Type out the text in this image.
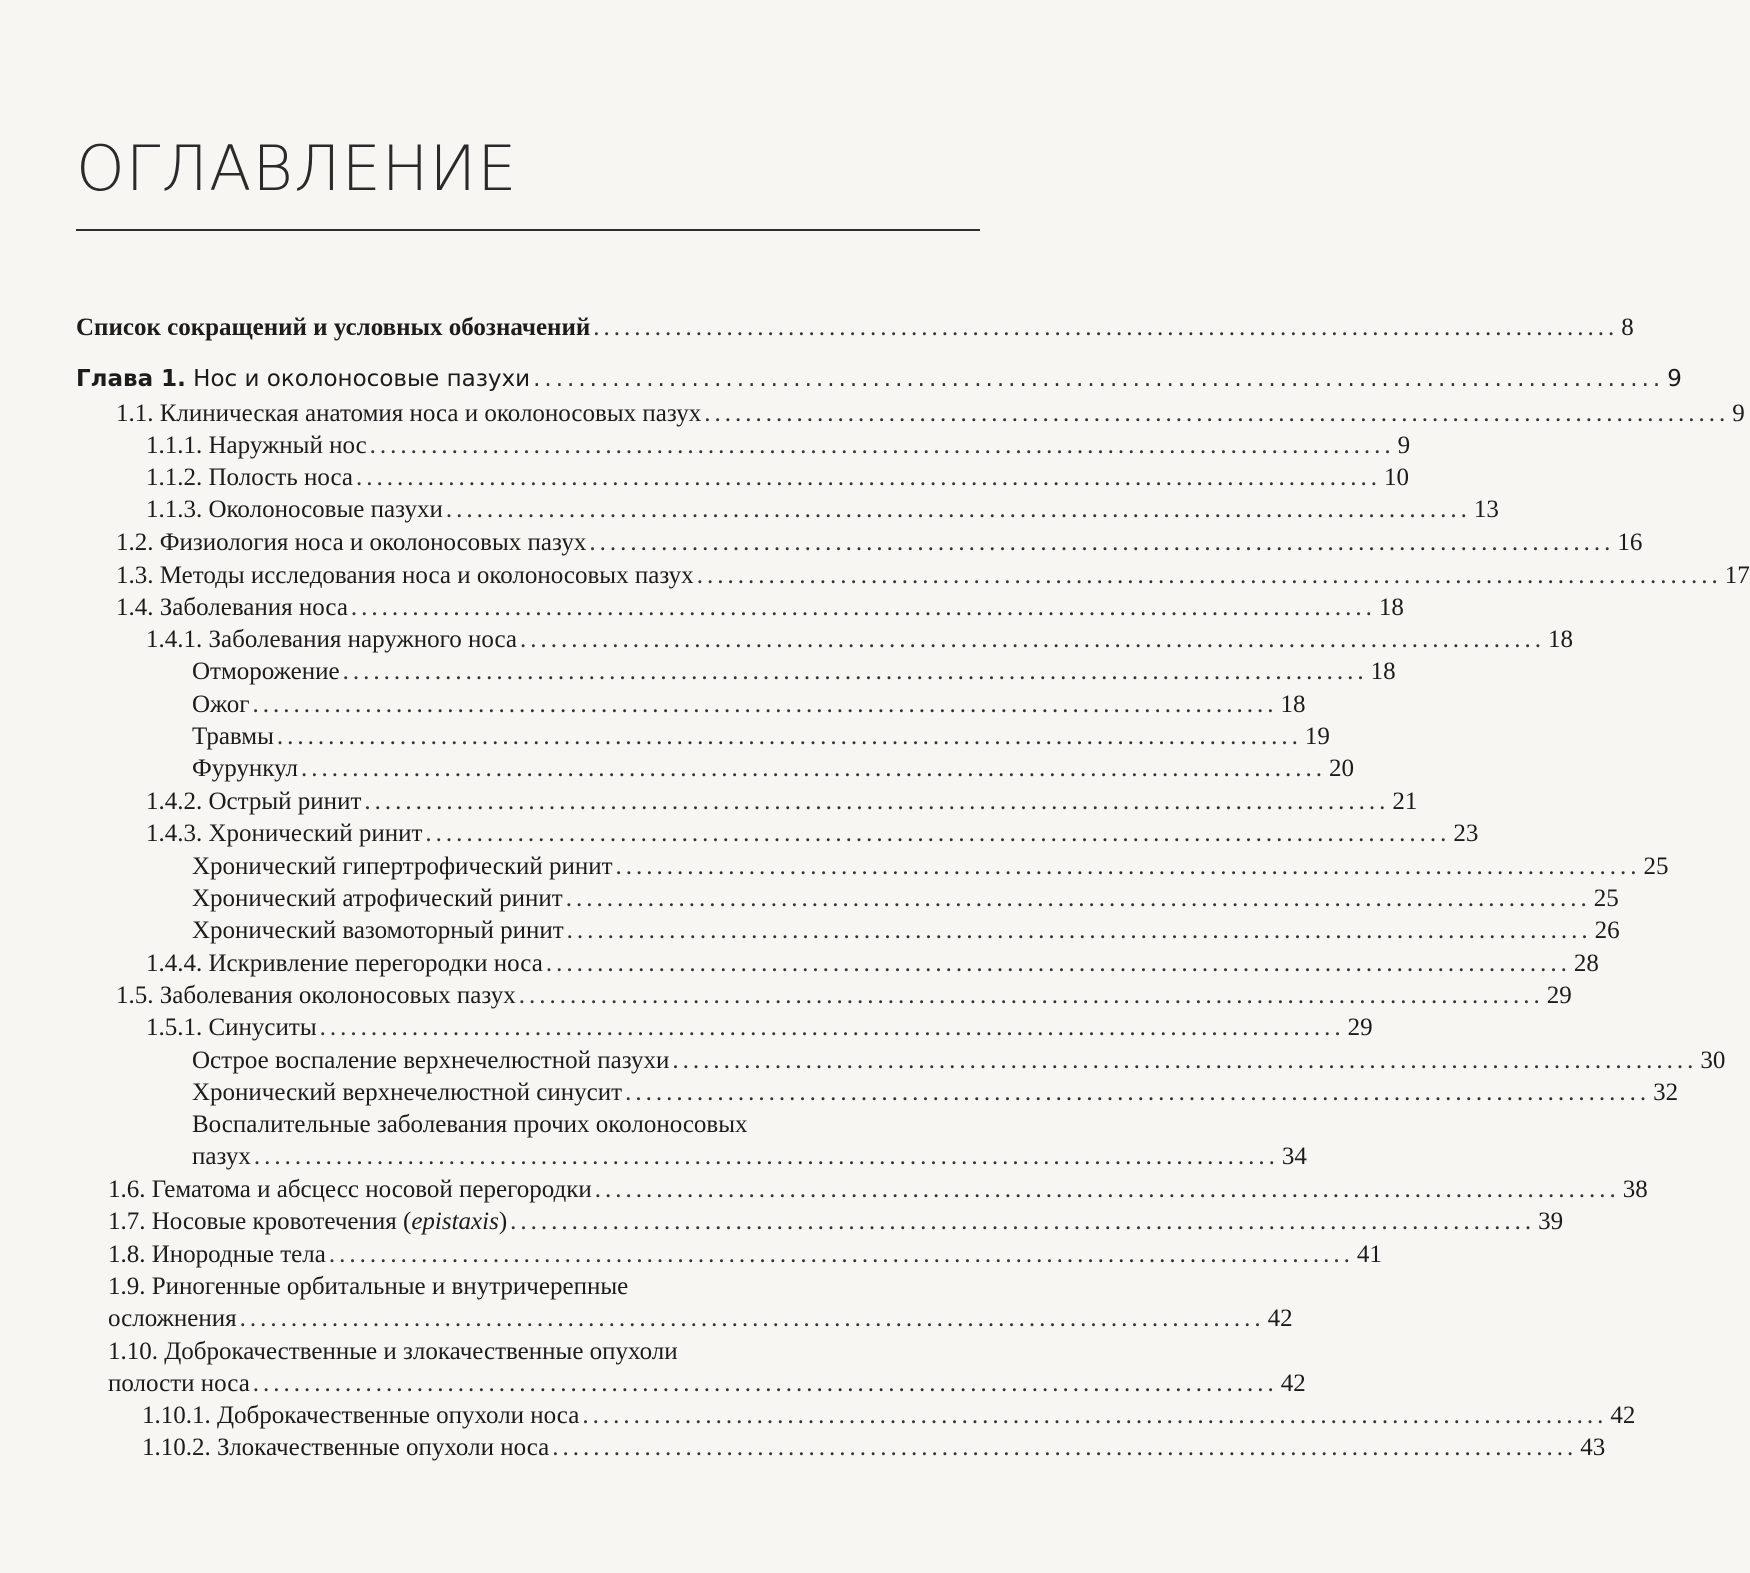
ОГЛАВЛЕНИЕ
Список сокращений и условных обозначений .................................................................................................... 8
Глава 1. Нос и околоносовые пазухи .................................................................................................... 9
1.1. Клиническая анатомия носа и околоносовых пазух .................................................................................................... 9
1.1.1. Наружный нос .................................................................................................... 9
1.1.2. Полость носа .................................................................................................... 10
1.1.3. Околоносовые пазухи .................................................................................................... 13
1.2. Физиология носа и околоносовых пазух .................................................................................................... 16
1.3. Методы исследования носа и околоносовых пазух .................................................................................................... 17
1.4. Заболевания носа .................................................................................................... 18
1.4.1. Заболевания наружного носа .................................................................................................... 18
Отморожение .................................................................................................... 18
Ожог .................................................................................................... 18
Травмы .................................................................................................... 19
Фурункул .................................................................................................... 20
1.4.2. Острый ринит .................................................................................................... 21
1.4.3. Хронический ринит .................................................................................................... 23
Хронический гипертрофический ринит .................................................................................................... 25
Хронический атрофический ринит .................................................................................................... 25
Хронический вазомоторный ринит .................................................................................................... 26
1.4.4. Искривление перегородки носа .................................................................................................... 28
1.5. Заболевания околоносовых пазух .................................................................................................... 29
1.5.1. Синуситы .................................................................................................... 29
Острое воспаление верхнечелюстной пазухи .................................................................................................... 30
Хронический верхнечелюстной синусит .................................................................................................... 32
Воспалительные заболевания прочих околоносовых
пазух .................................................................................................... 34
1.6. Гематома и абсцесс носовой перегородки .................................................................................................... 38
1.7. Носовые кровотечения (epistaxis) .................................................................................................... 39
1.8. Инородные тела .................................................................................................... 41
1.9. Риногенные орбитальные и внутричерепные
осложнения .................................................................................................... 42
1.10. Доброкачественные и злокачественные опухоли
полости носа .................................................................................................... 42
1.10.1. Доброкачественные опухоли носа .................................................................................................... 42
1.10.2. Злокачественные опухоли носа .................................................................................................... 43
